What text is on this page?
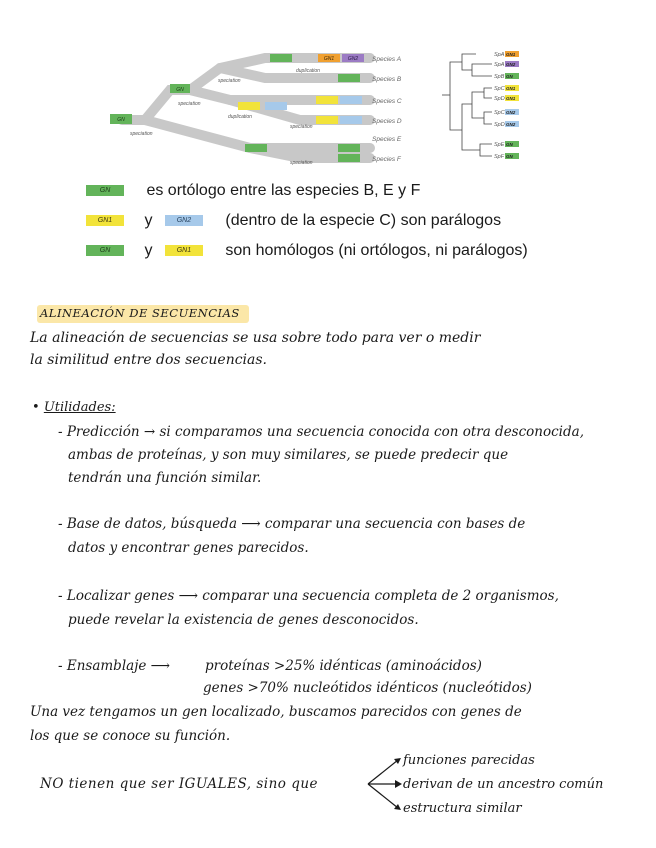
GN
GN
GN1	GN2
speciation
speciation
speciation
duplication
duplication
speciation
speciation
Species A
Species B
Species C
Species D
Species E
Species F
SpA GN1
SpA GN2
SpB GN
SpC GN1
SpD GN1
SpC GN2
SpD GN2
SpE GN
SpF GN
GN es ortólogo entre las especies B, E y F
GN1 y	GN2 (dentro de la especie C) son parálogos
GN y	GN1 son homólogos (ni ortólogos, ni parálogos)
ALINEACIÓN DE SECUENCIAS
La alineación de secuencias se usa sobre todo para ver o medir
la similitud entre dos secuencias.
• Utilidades:
- Predicción → si comparamos una secuencia conocida con otra desconocida,
ambas de proteínas, y son muy similares, se puede predecir que
tendrán una función similar.
- Base de datos, búsqueda ⟶ comparar una secuencia con bases de
datos y encontrar genes parecidos.
- Localizar genes ⟶ comparar una secuencia completa de 2 organismos,
puede revelar la existencia de genes desconocidos.
- Ensamblaje ⟶	proteínas >25% idénticas (aminoácidos)
genes >70% nucleótidos idénticos (nucleótidos)
Una vez tengamos un gen localizado, buscamos parecidos con genes de
los que se conoce su función.
NO tienen que ser IGUALES, sino que
funciones parecidas
derivan de un ancestro común
estructura similar
